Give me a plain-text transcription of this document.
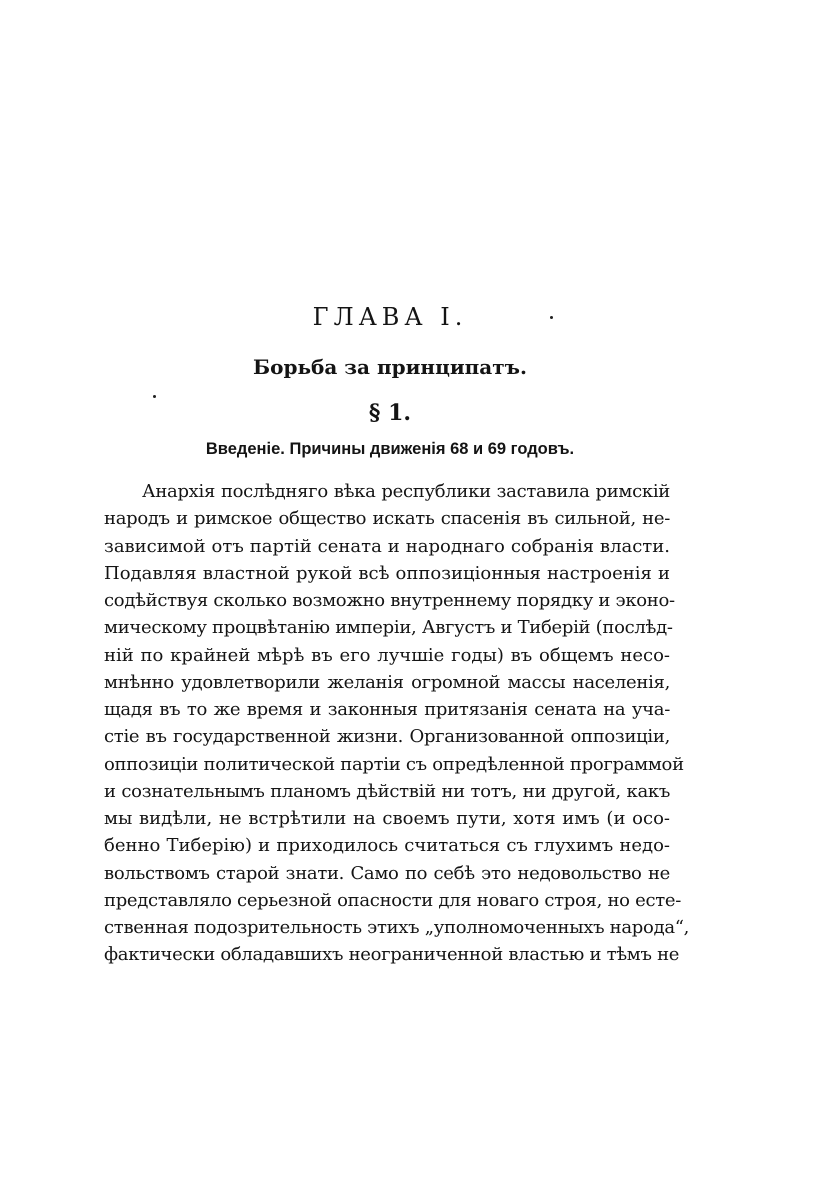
ГЛАВА I.
Борьба за принципатъ.
§ 1.
Введеніе. Причины движенія 68 и 69 годовъ.
Анархія послѣдняго вѣка республики заставила римскій
народъ и римское общество искать спасенія въ сильной, не-
зависимой отъ партій сената и народнаго собранія власти.
Подавляя властной рукой всѣ оппозиціонныя настроенія и
содѣйствуя сколько возможно внутреннему порядку и эконо-
мическому процвѣтанію имперіи, Августъ и Тиберій (послѣд-
ній по крайней мѣрѣ въ его лучшіе годы) въ общемъ несо-
мнѣнно удовлетворили желанія огромной массы населенія,
щадя въ то же время и законныя притязанія сената на уча-
стіе въ государственной жизни. Организованной оппозиціи,
оппозиціи политической партіи съ опредѣленной программой
и сознательнымъ планомъ дѣйствій ни тотъ, ни другой, какъ
мы видѣли, не встрѣтили на своемъ пути, хотя имъ (и осо-
бенно Тиберію) и приходилось считаться съ глухимъ недо-
вольствомъ старой знати. Само по себѣ это недовольство не
представляло серьезной опасности для новаго строя, но есте-
ственная подозрительность этихъ „уполномоченныхъ народа“,
фактически обладавшихъ неограниченной властью и тѣмъ не
